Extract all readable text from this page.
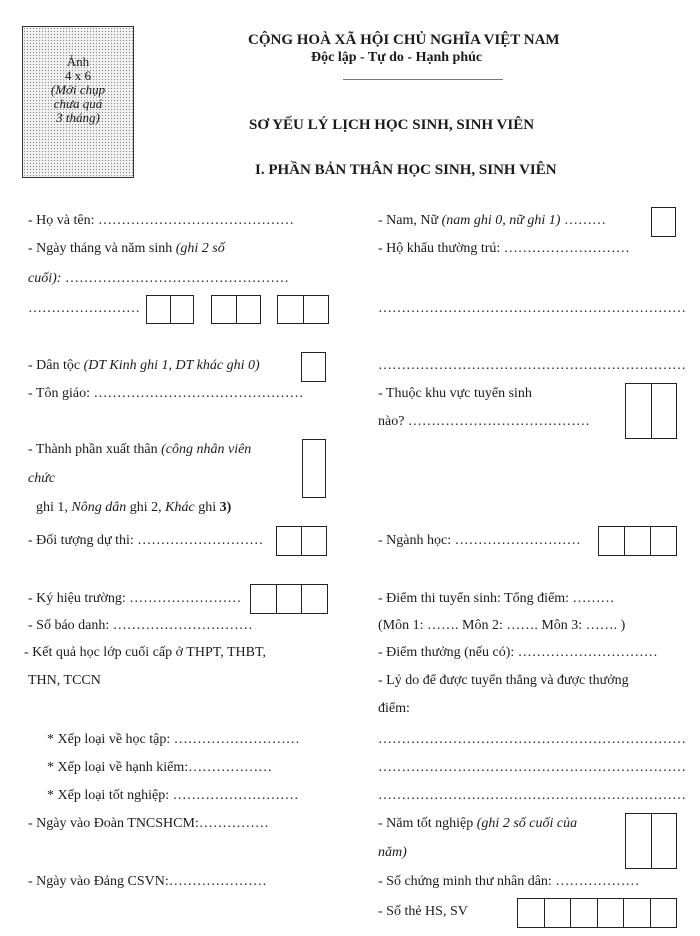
Ảnh
4 x 6
(Mới chụp
chưa quá
3 tháng)
CỘNG HOÀ XÃ HỘI CHỦ NGHĨA VIỆT NAM
Độc lập - Tự do - Hạnh phúc
SƠ YẾU LÝ LỊCH HỌC SINH, SINH VIÊN
I. PHẦN BẢN THÂN HỌC SINH, SINH VIÊN
- Họ và tên: ……………………………………
- Ngày tháng và năm sinh (ghi 2 số
cuối): …………………………………………
……………………
- Dân tộc (DT Kinh ghi 1, DT khác ghi 0)
- Tôn giáo: ………………………………………
- Thành phần xuất thân (công nhân viên
chức
ghi 1, Nông dân ghi 2, Khác ghi 3)
- Đối tượng dự thi: ………………………
- Ký hiệu trường: ……………………
- Số báo danh: …………………………
- Kết quả học lớp cuối cấp ở THPT, THBT,
THN, TCCN
* Xếp loại về học tập: ………………………
* Xếp loại về hạnh kiểm:………………
* Xếp loại tốt nghiệp: ………………………
- Ngày vào Đoàn TNCSHCM:……………
- Ngày vào Đảng CSVN:…………………
- Nam, Nữ (nam ghi 0, nữ ghi 1) ………
- Hộ khẩu thường trú: ………………………
…………………………………………………………
…………………………………………………………
- Thuộc khu vực tuyển sinh
nào? …………………………………
- Ngành học: ………………………
- Điểm thi tuyển sinh: Tổng điểm: ………
(Môn 1: ……. Môn 2: ……. Môn 3: ……. )
- Điểm thưởng (nếu có): …………………………
- Lý do để được tuyển thẳng và được thưởng
điểm:
…………………………………………………………
…………………………………………………………
…………………………………………………………
- Năm tốt nghiệp (ghi 2 số cuối của
năm)
- Số chứng minh thư nhân dân: ………………
- Số thẻ HS, SV
